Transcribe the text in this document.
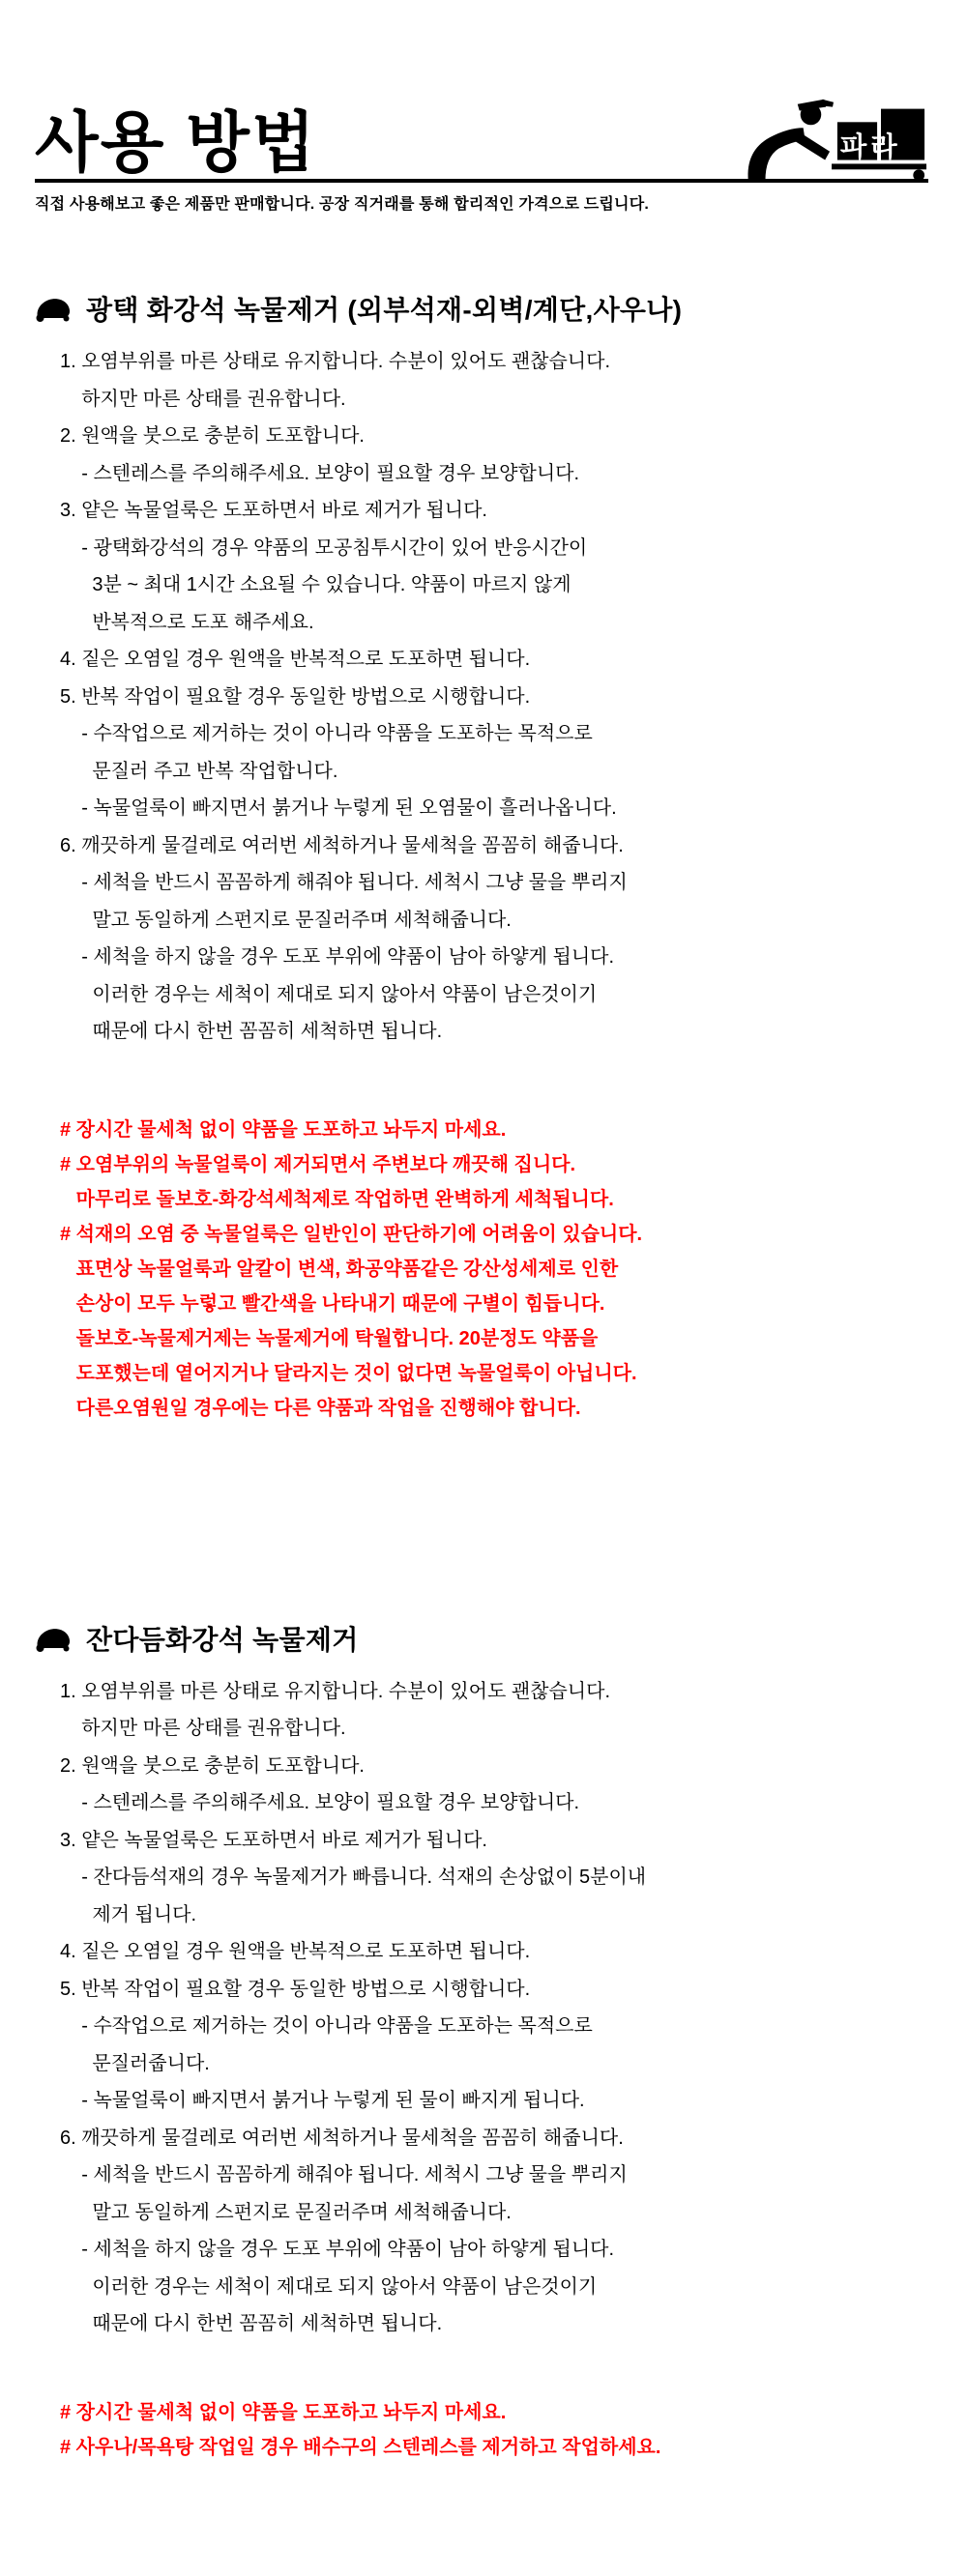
사용 방법	파라

직접 사용해보고 좋은 제품만 판매합니다. 공장 직거래를 통해 합리적인 가격으로 드립니다.

광택 화강석 녹물제거 (외부석재-외벽/계단,사우나)
1. 오염부위를 마른 상태로 유지합니다. 수분이 있어도 괜찮습니다.
하지만 마른 상태를 권유합니다.
2. 원액을 붓으로 충분히 도포합니다.
- 스텐레스를 주의해주세요. 보양이 필요할 경우 보양합니다.
3. 얕은 녹물얼룩은 도포하면서 바로 제거가 됩니다.
- 광택화강석의 경우 약품의 모공침투시간이 있어 반응시간이
3분 ~ 최대 1시간 소요될 수 있습니다. 약품이 마르지 않게
반복적으로 도포 해주세요.
4. 짙은 오염일 경우 원액을 반복적으로 도포하면 됩니다.
5. 반복 작업이 필요할 경우 동일한 방법으로 시행합니다.
- 수작업으로 제거하는 것이 아니라 약품을 도포하는 목적으로
문질러 주고 반복 작업합니다.
- 녹물얼룩이 빠지면서 붉거나 누렇게 된 오염물이 흘러나옵니다.
6. 깨끗하게 물걸레로 여러번 세척하거나 물세척을 꼼꼼히 해줍니다.
- 세척을 반드시 꼼꼼하게 해줘야 됩니다. 세척시 그냥 물을 뿌리지
말고 동일하게 스펀지로 문질러주며 세척해줍니다.
- 세척을 하지 않을 경우 도포 부위에 약품이 남아 하얗게 됩니다.
이러한 경우는 세척이 제대로 되지 않아서 약품이 남은것이기
때문에 다시 한번 꼼꼼히 세척하면 됩니다.
# 장시간 물세척 없이 약품을 도포하고 놔두지 마세요.
# 오염부위의 녹물얼룩이 제거되면서 주변보다 깨끗해 집니다.
마무리로 돌보호-화강석세척제로 작업하면 완벽하게 세척됩니다.
# 석재의 오염 중 녹물얼룩은 일반인이 판단하기에 어려움이 있습니다.
표면상 녹물얼룩과 알칼이 변색, 화공약품같은 강산성세제로 인한
손상이 모두 누렇고 빨간색을 나타내기 때문에 구별이 힘듭니다.
돌보호-녹물제거제는 녹물제거에 탁월합니다. 20분정도 약품을
도포했는데 옅어지거나 달라지는 것이 없다면 녹물얼룩이 아닙니다.
다른오염원일 경우에는 다른 약품과 작업을 진행해야 합니다.
잔다듬화강석 녹물제거
1. 오염부위를 마른 상태로 유지합니다. 수분이 있어도 괜찮습니다.
하지만 마른 상태를 권유합니다.
2. 원액을 붓으로 충분히 도포합니다.
- 스텐레스를 주의해주세요. 보양이 필요할 경우 보양합니다.
3. 얕은 녹물얼룩은 도포하면서 바로 제거가 됩니다.
- 잔다듬석재의 경우 녹물제거가 빠릅니다. 석재의 손상없이 5분이내
제거 됩니다.
4. 짙은 오염일 경우 원액을 반복적으로 도포하면 됩니다.
5. 반복 작업이 필요할 경우 동일한 방법으로 시행합니다.
- 수작업으로 제거하는 것이 아니라 약품을 도포하는 목적으로
문질러줍니다.
- 녹물얼룩이 빠지면서 붉거나 누렇게 된 물이 빠지게 됩니다.
6. 깨끗하게 물걸레로 여러번 세척하거나 물세척을 꼼꼼히 해줍니다.
- 세척을 반드시 꼼꼼하게 해줘야 됩니다. 세척시 그냥 물을 뿌리지
말고 동일하게 스펀지로 문질러주며 세척해줍니다.
- 세척을 하지 않을 경우 도포 부위에 약품이 남아 하얗게 됩니다.
이러한 경우는 세척이 제대로 되지 않아서 약품이 남은것이기
때문에 다시 한번 꼼꼼히 세척하면 됩니다.
# 장시간 물세척 없이 약품을 도포하고 놔두지 마세요.
# 사우나/목욕탕 작업일 경우 배수구의 스텐레스를 제거하고 작업하세요.
